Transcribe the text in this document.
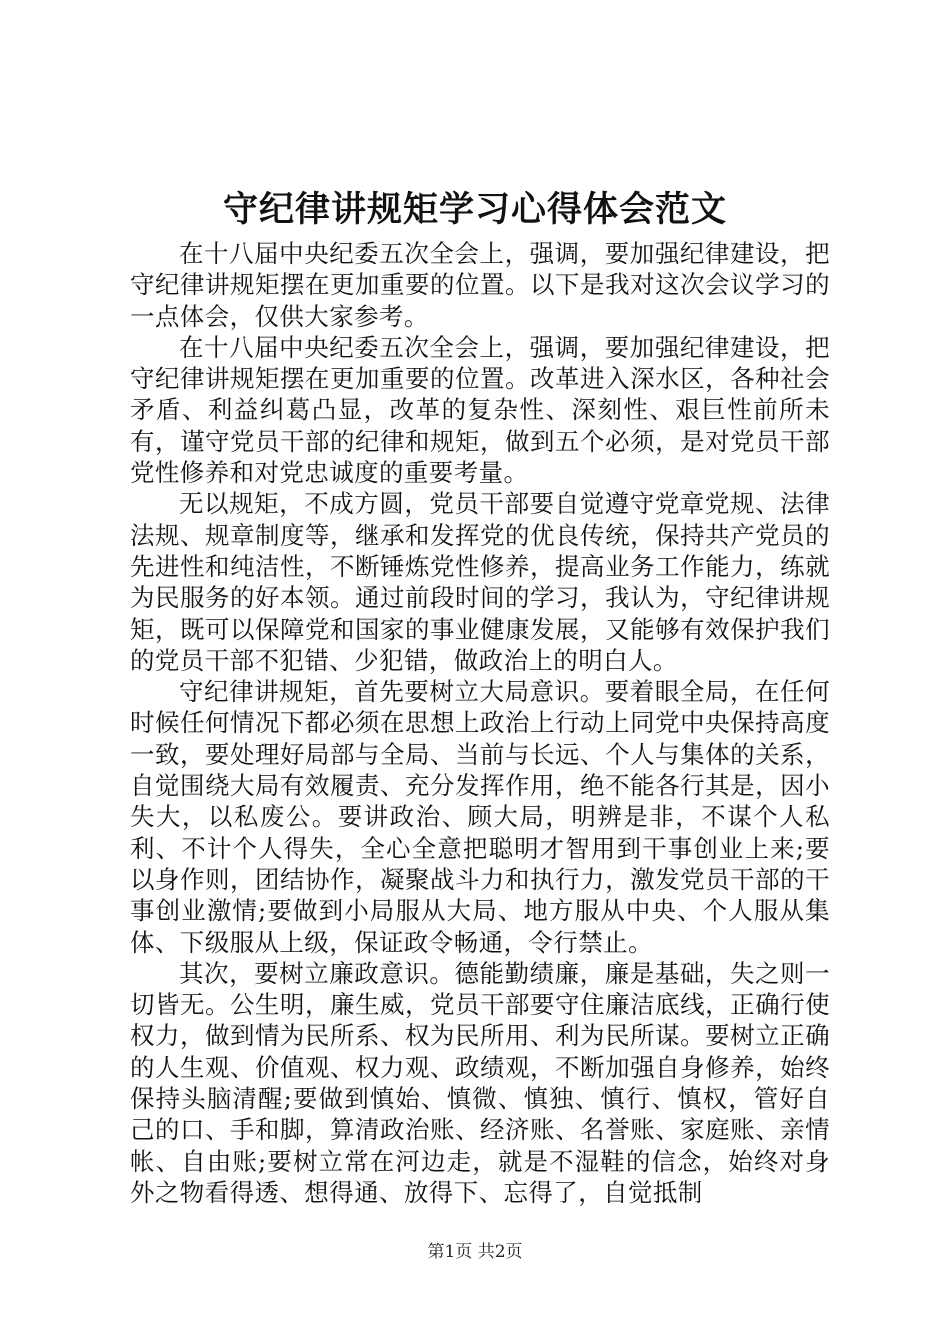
守纪律讲规矩学习心得体会范文

在十八届中央纪委五次全会上，强调，要加强纪律建设，把守纪律讲规矩摆在更加重要的位置。以下是我对这次会议学习的一点体会，仅供大家参考。

在十八届中央纪委五次全会上，强调，要加强纪律建设，把守纪律讲规矩摆在更加重要的位置。改革进入深水区，各种社会矛盾、利益纠葛凸显，改革的复杂性、深刻性、艰巨性前所未有，谨守党员干部的纪律和规矩，做到五个必须，是对党员干部党性修养和对党忠诚度的重要考量。

无以规矩，不成方圆，党员干部要自觉遵守党章党规、法律法规、规章制度等，继承和发挥党的优良传统，保持共产党员的先进性和纯洁性，不断锤炼党性修养，提高业务工作能力，练就为民服务的好本领。通过前段时间的学习，我认为，守纪律讲规矩，既可以保障党和国家的事业健康发展，又能够有效保护我们的党员干部不犯错、少犯错，做政治上的明白人。

守纪律讲规矩，首先要树立大局意识。要着眼全局，在任何时候任何情况下都必须在思想上政治上行动上同党中央保持高度一致，要处理好局部与全局、当前与长远、个人与集体的关系，自觉围绕大局有效履责、充分发挥作用，绝不能各行其是，因小失大，以私废公。要讲政治、顾大局，明辨是非，不谋个人私利、不计个人得失，全心全意把聪明才智用到干事创业上来;要以身作则，团结协作，凝聚战斗力和执行力，激发党员干部的干事创业激情;要做到小局服从大局、地方服从中央、个人服从集体、下级服从上级，保证政令畅通，令行禁止。

其次，要树立廉政意识。德能勤绩廉，廉是基础，失之则一切皆无。公生明，廉生威，党员干部要守住廉洁底线，正确行使权力，做到情为民所系、权为民所用、利为民所谋。要树立正确的人生观、价值观、权力观、政绩观，不断加强自身修养，始终保持头脑清醒;要做到慎始、慎微、慎独、慎行、慎权，管好自己的口、手和脚，算清政治账、经济账、名誉账、家庭账、亲情帐、自由账;要树立常在河边走，就是不湿鞋的信念，始终对身外之物看得透、想得通、放得下、忘得了，自觉抵制

第1页 共2页
